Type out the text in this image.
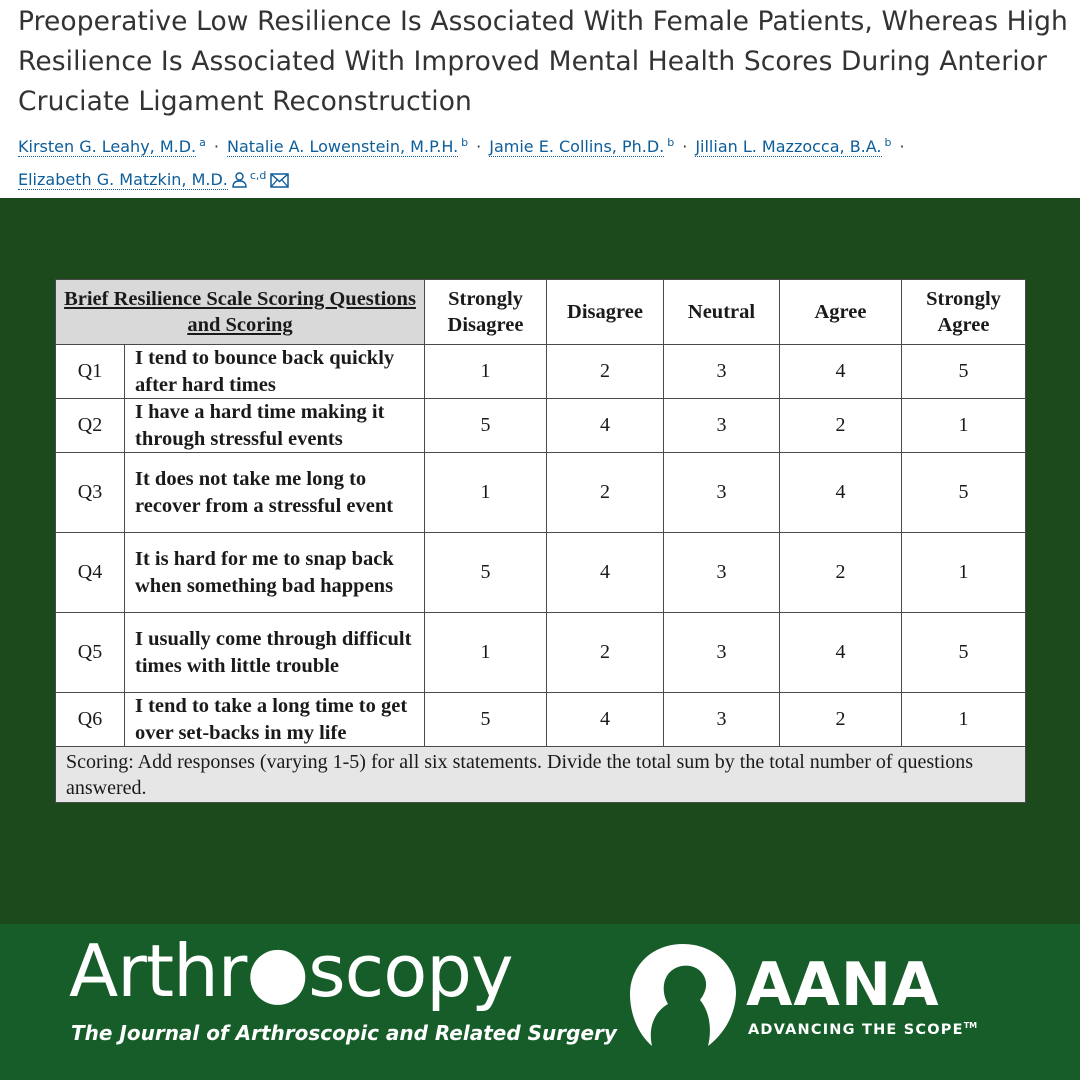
Preoperative Low Resilience Is Associated With Female Patients, Whereas High Resilience Is Associated With Improved Mental Health Scores During Anterior Cruciate Ligament Reconstruction
Kirsten G. Leahy, M.D. $^a$ · Natalie A. Lowenstein, M.P.H. $^b$ · Jamie E. Collins, Ph.D. $^b$ · Jillian L. Mazzocca, B.A. $^b$ ·
Elizabeth G. Matzkin, M.D. $^{c,d}$
Brief Resilience Scale Scoring Questions and Scoring		Strongly Disagree	Disagree	Neutral	Agree	Strongly Agree
Q1	I tend to bounce back quickly after hard times	1	2	3	4	5
Q2	I have a hard time making it through stressful events	5	4	3	2	1
Q3	It does not take me long to recover from a stressful event	1	2	3	4	5
Q4	It is hard for me to snap back when something bad happens	5	4	3	2	1
Q5	I usually come through difficult times with little trouble	1	2	3	4	5
Q6	I tend to take a long time to get over set-backs in my life	5	4	3	2	1
Scoring: Add responses (varying 1-5) for all six statements. Divide the total sum by the total number of questions answered.						
Arthr●scopy
The Journal of Arthroscopic and Related Surgery
AANA
ADVANCING THE SCOPE™
